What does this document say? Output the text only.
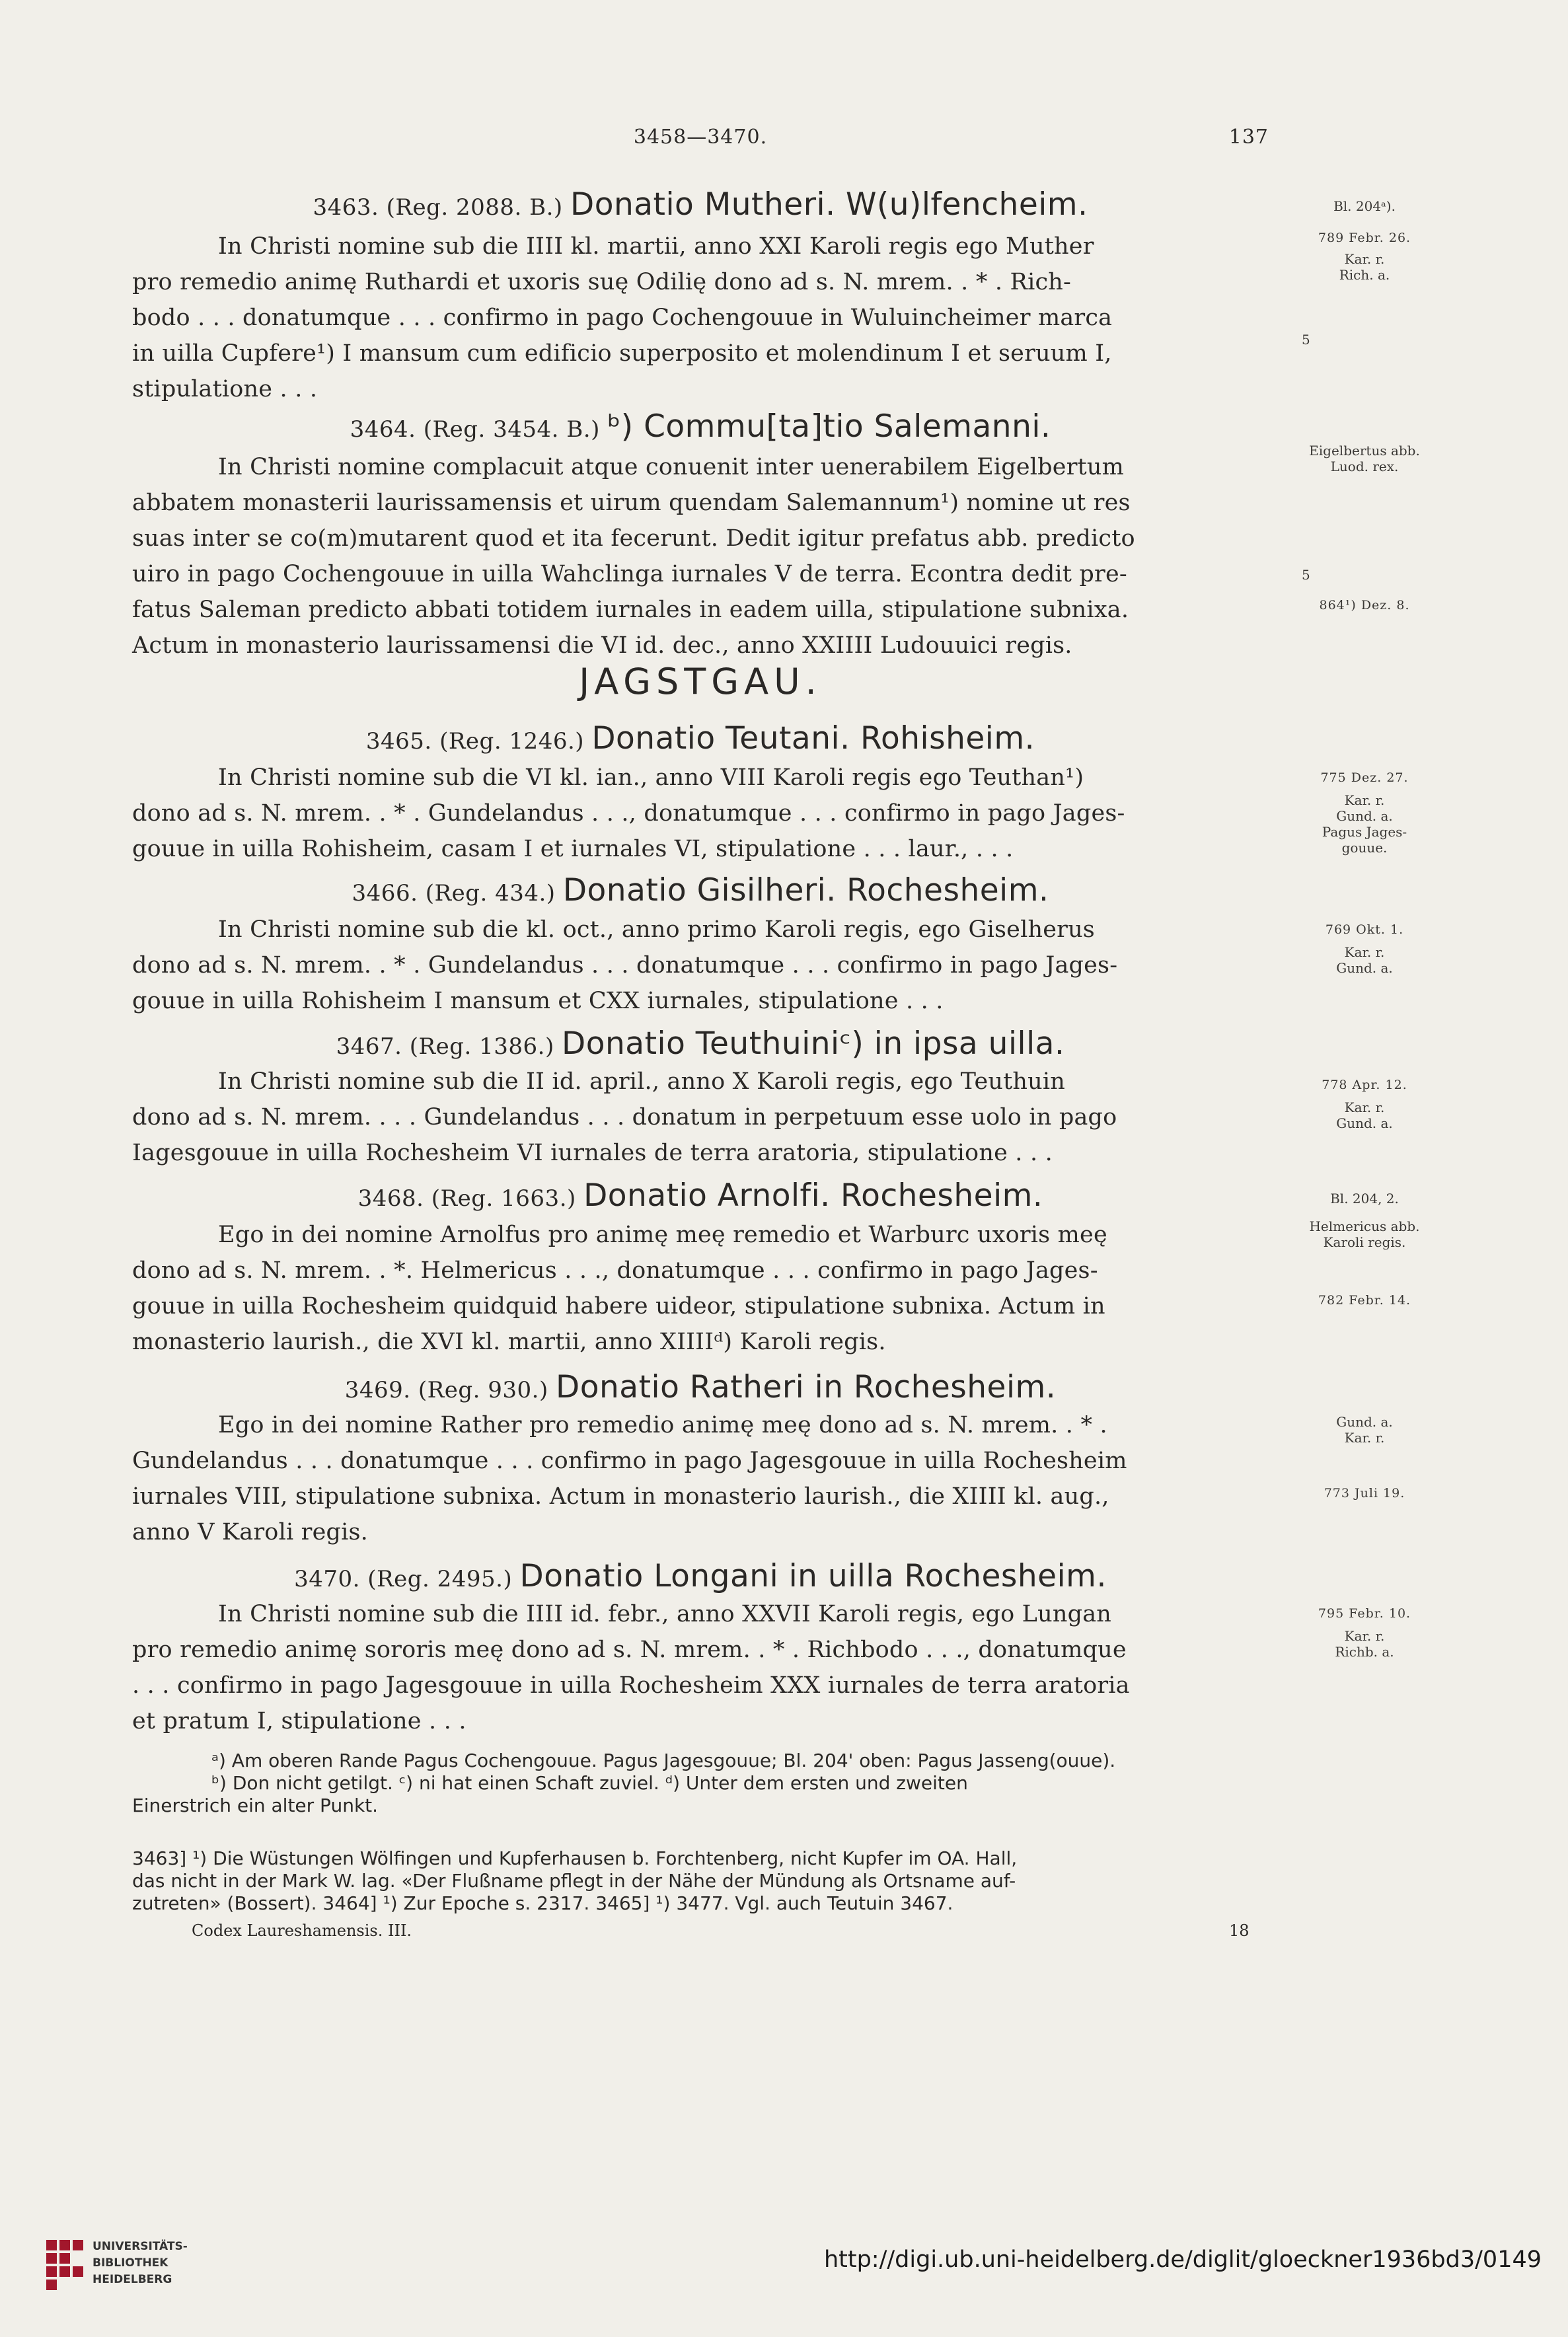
3458—3470.	137
3463. (Reg. 2088. B.) Donatio Mutheri. W(u)lfencheim.
In Christi nomine sub die IIII kl. martii, anno XXI Karoli regis ego Muther
pro remedio animę Ruthardi et uxoris suę Odilię dono ad s. N. mrem. . * . Rich-
bodo . . . donatumque . . . confirmo in pago Cochengouue in Wuluincheimer marca
in uilla Cupfere¹) I mansum cum edificio superposito et molendinum I et seruum I,
stipulatione . . .
Bl. 204ᵃ).
789 Febr. 26.
Kar. r.
Rich. a.
5
3464. (Reg. 3454. B.) ᵇ) Commu[ta]tio Salemanni.
In Christi nomine complacuit atque conuenit inter uenerabilem Eigelbertum
abbatem monasterii laurissamensis et uirum quendam Salemannum¹) nomine ut res
suas inter se co(m)mutarent quod et ita fecerunt. Dedit igitur prefatus abb. predicto
uiro in pago Cochengouue in uilla Wahclinga iurnales V de terra. Econtra dedit pre-
fatus Saleman predicto abbati totidem iurnales in eadem uilla, stipulatione subnixa.
Actum in monasterio laurissamensi die VI id. dec., anno XXIIII Ludouuici regis.
Eigelbertus abb.
Luod. rex.
5
864¹) Dez. 8.
JAGSTGAU.
3465. (Reg. 1246.) Donatio Teutani. Rohisheim.
In Christi nomine sub die VI kl. ian., anno VIII Karoli regis ego Teuthan¹)
dono ad s. N. mrem. . * . Gundelandus . . ., donatumque . . . confirmo in pago Jages-
gouue in uilla Rohisheim, casam I et iurnales VI, stipulatione . . . laur., . . .
775 Dez. 27.
Kar. r.
Gund. a.
Pagus Jages-
gouue.
3466. (Reg. 434.) Donatio Gisilheri. Rochesheim.
In Christi nomine sub die kl. oct., anno primo Karoli regis, ego Giselherus
dono ad s. N. mrem. . * . Gundelandus . . . donatumque . . . confirmo in pago Jages-
gouue in uilla Rohisheim I mansum et CXX iurnales, stipulatione . . .
769 Okt. 1.
Kar. r.
Gund. a.
3467. (Reg. 1386.) Donatio Teuthuiniᶜ) in ipsa uilla.
In Christi nomine sub die II id. april., anno X Karoli regis, ego Teuthuin
dono ad s. N. mrem. . . . Gundelandus . . . donatum in perpetuum esse uolo in pago
Iagesgouue in uilla Rochesheim VI iurnales de terra aratoria, stipulatione . . .
778 Apr. 12.
Kar. r.
Gund. a.
3468. (Reg. 1663.) Donatio Arnolfi. Rochesheim.
Ego in dei nomine Arnolfus pro animę meę remedio et Warburc uxoris meę
dono ad s. N. mrem. . *. Helmericus . . ., donatumque . . . confirmo in pago Jages-
gouue in uilla Rochesheim quidquid habere uideor, stipulatione subnixa. Actum in
monasterio laurish., die XVI kl. martii, anno XIIIIᵈ) Karoli regis.
Bl. 204, 2.
Helmericus abb.
Karoli regis.
782 Febr. 14.
3469. (Reg. 930.) Donatio Ratheri in Rochesheim.
Ego in dei nomine Rather pro remedio animę meę dono ad s. N. mrem. . * .
Gundelandus . . . donatumque . . . confirmo in pago Jagesgouue in uilla Rochesheim
iurnales VIII, stipulatione subnixa. Actum in monasterio laurish., die XIIII kl. aug.,
anno V Karoli regis.
Gund. a.
Kar. r.
773 Juli 19.
3470. (Reg. 2495.) Donatio Longani in uilla Rochesheim.
In Christi nomine sub die IIII id. febr., anno XXVII Karoli regis, ego Lungan
pro remedio animę sororis meę dono ad s. N. mrem. . * . Richbodo . . ., donatumque
. . . confirmo in pago Jagesgouue in uilla Rochesheim XXX iurnales de terra aratoria
et pratum I, stipulatione . . .
795 Febr. 10.
Kar. r.
Richb. a.
ᵃ) Am oberen Rande Pagus Cochengouue. Pagus Jagesgouue; Bl. 204' oben: Pagus Jasseng(ouue).
ᵇ) Don nicht getilgt. ᶜ) ni hat einen Schaft zuviel. ᵈ) Unter dem ersten und zweiten
Einerstrich ein alter Punkt.
3463] ¹) Die Wüstungen Wölfingen und Kupferhausen b. Forchtenberg, nicht Kupfer im OA. Hall,
das nicht in der Mark W. lag. «Der Flußname pflegt in der Nähe der Mündung als Ortsname auf-
zutreten» (Bossert). 3464] ¹) Zur Epoche s. 2317. 3465] ¹) 3477. Vgl. auch Teutuin 3467.
Codex Laureshamensis. III.	18
UNIVERSITÄTS-
BIBLIOTHEK
HEIDELBERG
http://digi.ub.uni-heidelberg.de/diglit/gloeckner1936bd3/0149
